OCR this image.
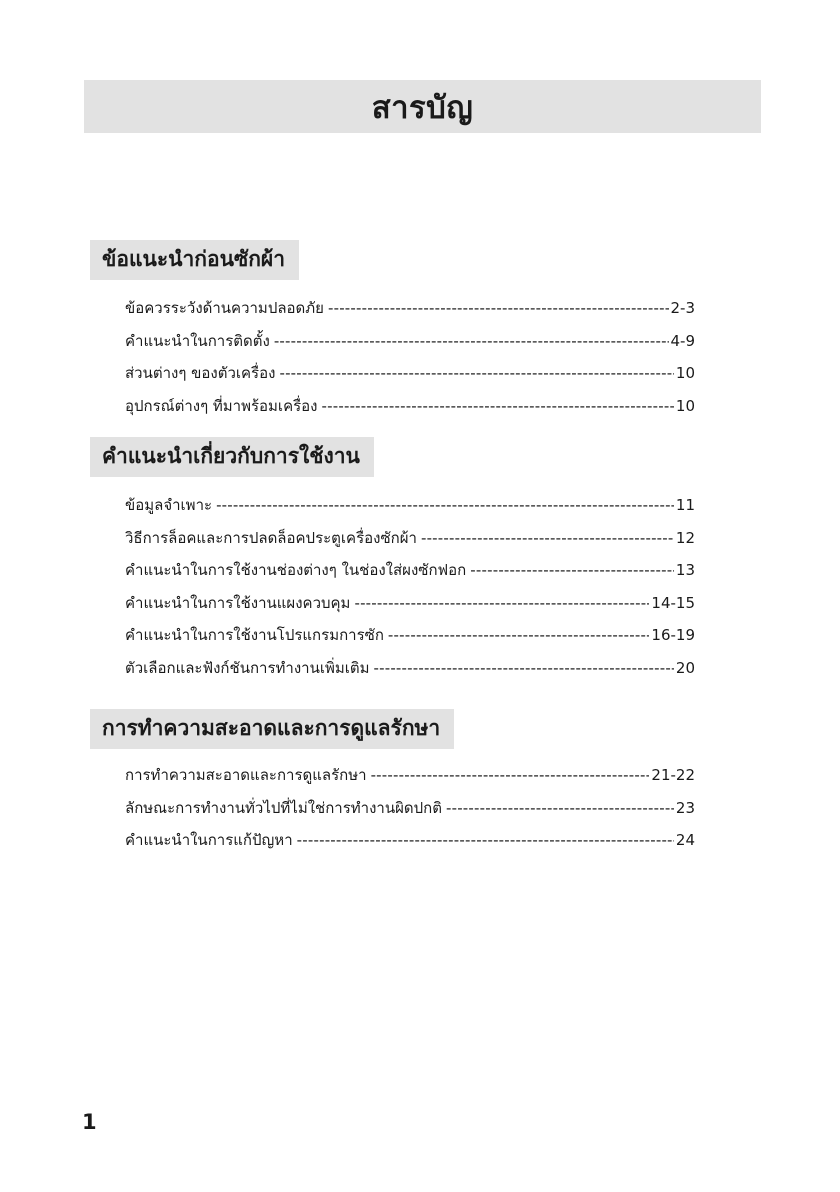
สารบัญ
ข้อแนะนำก่อนซักผ้า
ข้อควรระวังด้านความปลอดภัย -----	2-3
คำแนะนำในการติดตั้ง -----	4-9
ส่วนต่างๆ ของตัวเครื่อง -----	10
อุปกรณ์ต่างๆ ที่มาพร้อมเครื่อง -----	10
คำแนะนำเกี่ยวกับการใช้งาน
ข้อมูลจำเพาะ -----	11
วิธีการล็อคและการปลดล็อคประตูเครื่องซักผ้า -----	12
คำแนะนำในการใช้งานช่องต่างๆ ในช่องใส่ผงซักฟอก -----	13
คำแนะนำในการใช้งานแผงควบคุม -----	14-15
คำแนะนำในการใช้งานโปรแกรมการซัก -----	16-19
ตัวเลือกและฟังก์ชันการทำงานเพิ่มเติม -----	20
การทำความสะอาดและการดูแลรักษา
การทำความสะอาดและการดูแลรักษา -----	21-22
ลักษณะการทำงานทั่วไปที่ไม่ใช่การทำงานผิดปกติ -----	23
คำแนะนำในการแก้ปัญหา -----	24
1
